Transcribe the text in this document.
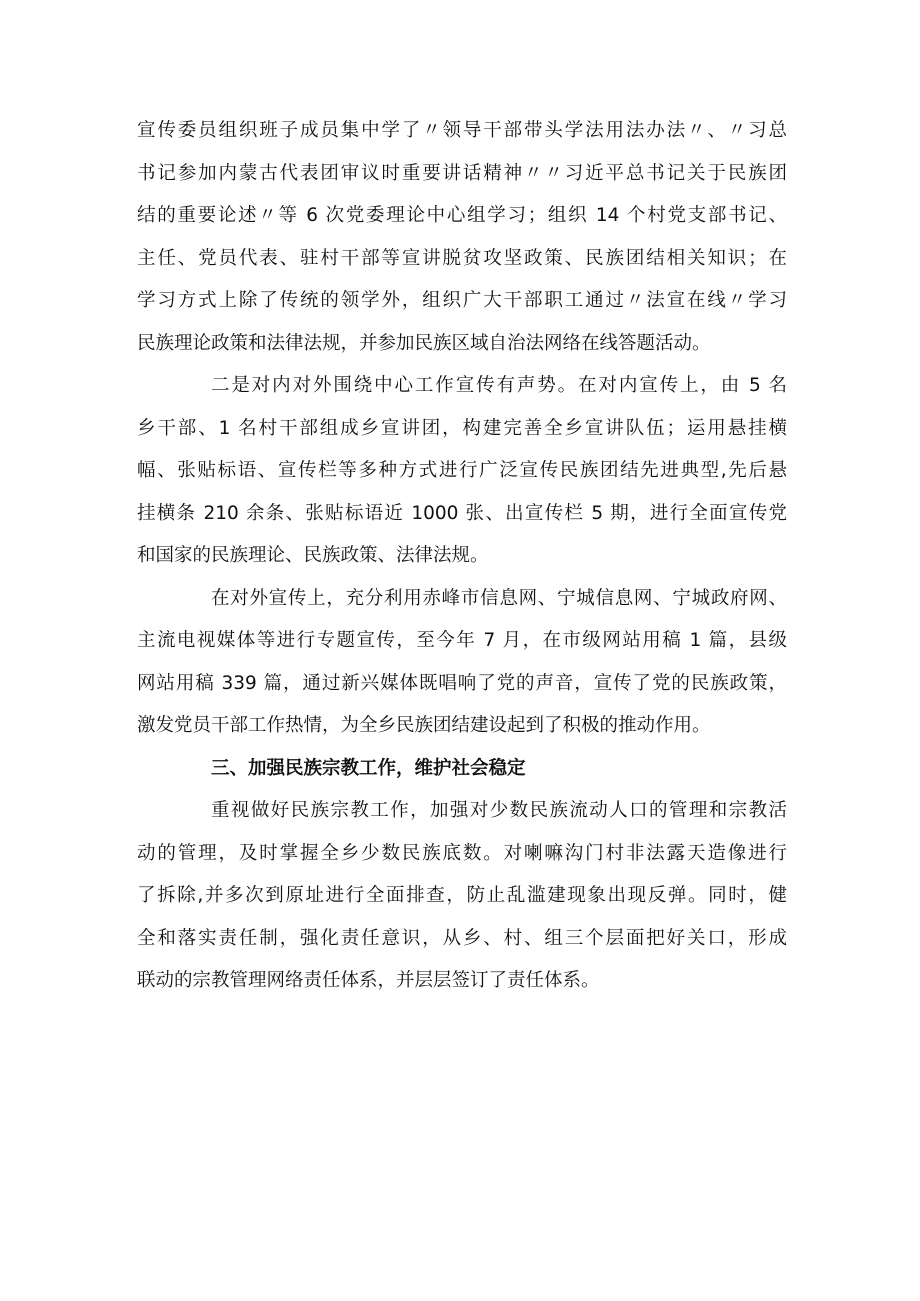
宣传委员组织班子成员集中学了〃领导干部带头学法用法办法〃、〃习总
书记参加内蒙古代表团审议时重要讲话精神〃〃习近平总书记关于民族团
结的重要论述〃等 6 次党委理论中心组学习；组织 14 个村党支部书记、
主任、党员代表、驻村干部等宣讲脱贫攻坚政策、民族团结相关知识；在
学习方式上除了传统的领学外，组织广大干部职工通过〃法宣在线〃学习
民族理论政策和法律法规，并参加民族区域自治法网络在线答题活动。
二是对内对外围绕中心工作宣传有声势。在对内宣传上，由 5 名
乡干部、1 名村干部组成乡宣讲团，构建完善全乡宣讲队伍；运用悬挂横
幅、张贴标语、宣传栏等多种方式进行广泛宣传民族团结先进典型,先后悬
挂横条 210 余条、张贴标语近 1000 张、出宣传栏 5 期，进行全面宣传党
和国家的民族理论、民族政策、法律法规。
在对外宣传上，充分利用赤峰市信息网、宁城信息网、宁城政府网、
主流电视媒体等进行专题宣传，至今年 7 月，在市级网站用稿 1 篇，县级
网站用稿 339 篇，通过新兴媒体既唱响了党的声音，宣传了党的民族政策，
激发党员干部工作热情，为全乡民族团结建设起到了积极的推动作用。
三、加强民族宗教工作，维护社会稳定
重视做好民族宗教工作，加强对少数民族流动人口的管理和宗教活
动的管理，及时掌握全乡少数民族底数。对喇嘛沟门村非法露天造像进行
了拆除,并多次到原址进行全面排查，防止乱滥建现象出现反弹。同时，健
全和落实责任制，强化责任意识，从乡、村、组三个层面把好关口，形成
联动的宗教管理网络责任体系，并层层签订了责任体系。
